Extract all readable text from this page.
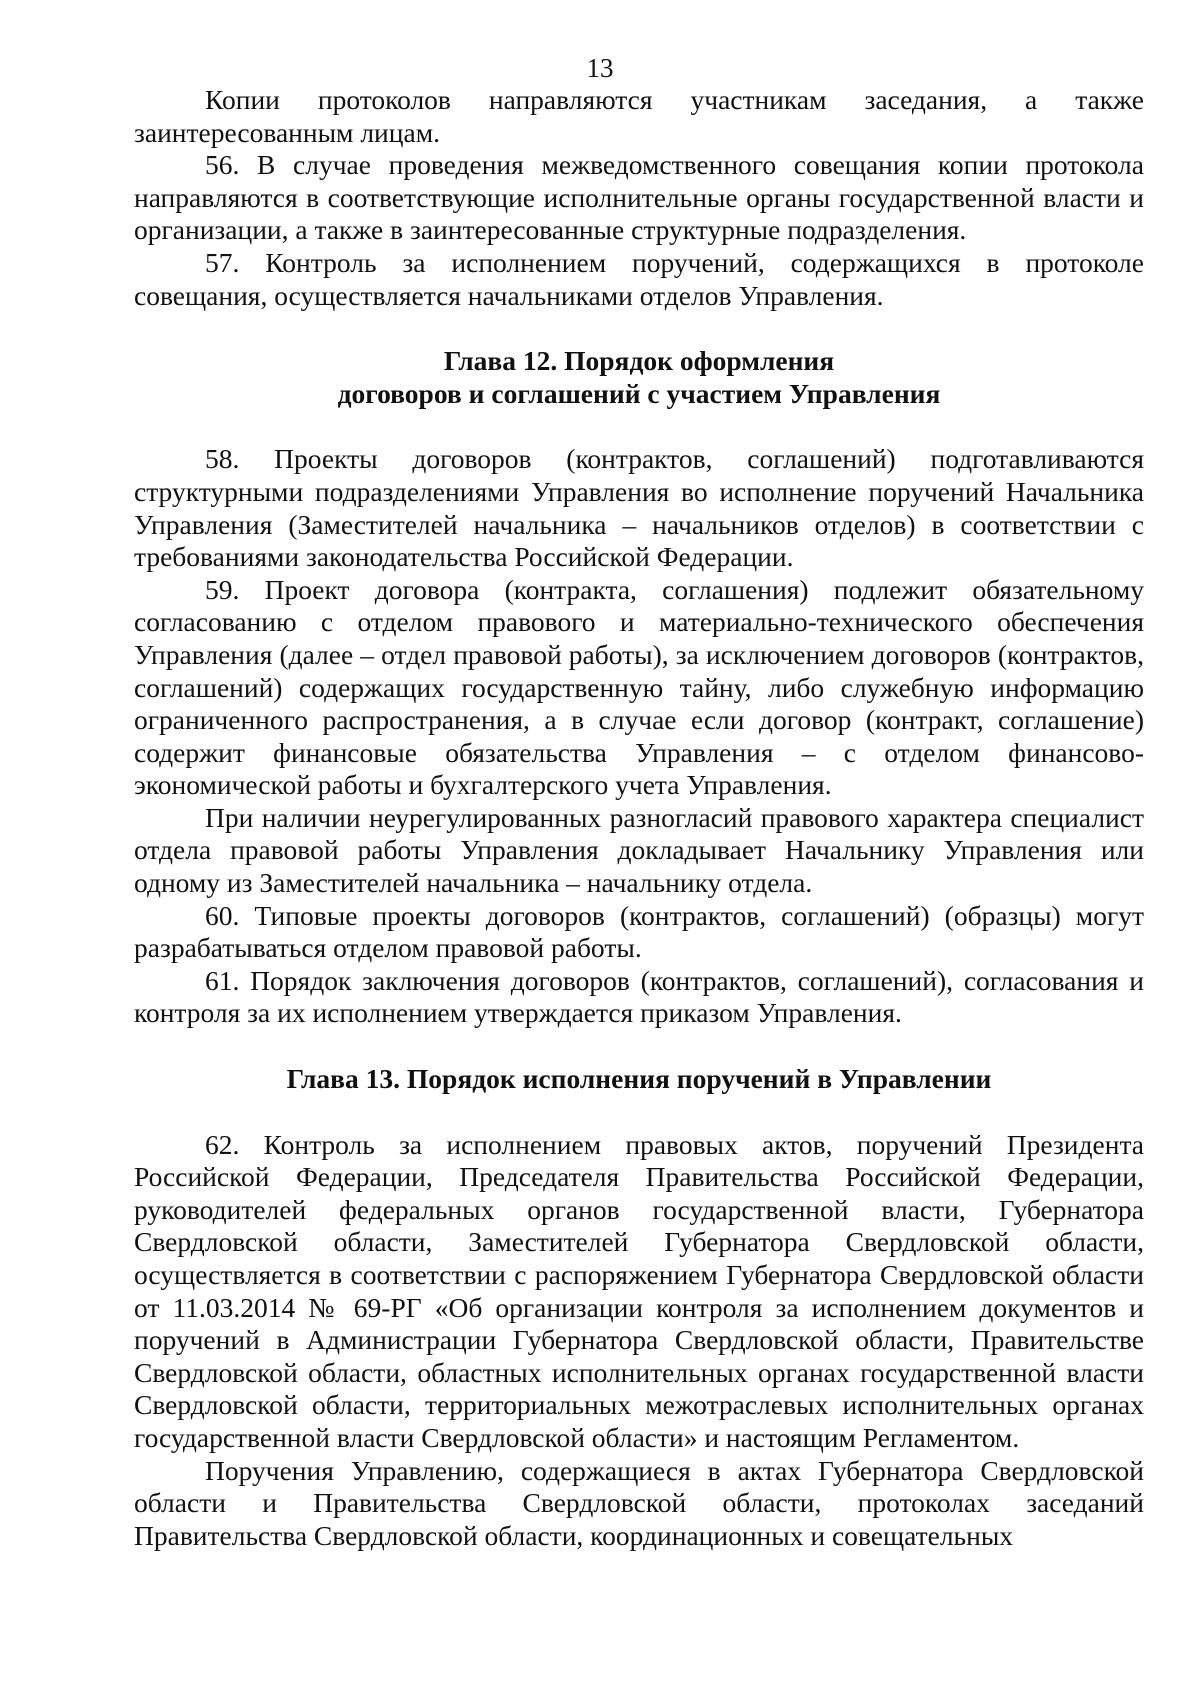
13

Копии протоколов направляются участникам заседания, а также заинтересованным лицам.

56. В случае проведения межведомственного совещания копии протокола направляются в соответствующие исполнительные органы государственной власти и организации, а также в заинтересованные структурные подразделения.

57. Контроль за исполнением поручений, содержащихся в протоколе совещания, осуществляется начальниками отделов Управления.

Глава 12. Порядок оформления
договоров и соглашений с участием Управления

58. Проекты договоров (контрактов, соглашений) подготавливаются структурными подразделениями Управления во исполнение поручений Начальника Управления (Заместителей начальника – начальников отделов) в соответствии с требованиями законодательства Российской Федерации.

59. Проект договора (контракта, соглашения) подлежит обязательному согласованию с отделом правового и материально-технического обеспечения Управления (далее – отдел правовой работы), за исключением договоров (контрактов, соглашений) содержащих государственную тайну, либо служебную информацию ограниченного распространения, а в случае если договор (контракт, соглашение) содержит финансовые обязательства Управления – с отделом финансово-экономической работы и бухгалтерского учета Управления.

При наличии неурегулированных разногласий правового характера специалист отдела правовой работы Управления докладывает Начальнику Управления или одному из Заместителей начальника – начальнику отдела.

60. Типовые проекты договоров (контрактов, соглашений) (образцы) могут разрабатываться отделом правовой работы.

61. Порядок заключения договоров (контрактов, соглашений), согласования и контроля за их исполнением утверждается приказом Управления.

Глава 13. Порядок исполнения поручений в Управлении

62. Контроль за исполнением правовых актов, поручений Президента Российской Федерации, Председателя Правительства Российской Федерации, руководителей федеральных органов государственной власти, Губернатора Свердловской области, Заместителей Губернатора Свердловской области, осуществляется в соответствии с распоряжением Губернатора Свердловской области от 11.03.2014 № 69-РГ «Об организации контроля за исполнением документов и поручений в Администрации Губернатора Свердловской области, Правительстве Свердловской области, областных исполнительных органах государственной власти Свердловской области, территориальных межотраслевых исполнительных органах государственной власти Свердловской области» и настоящим Регламентом.

Поручения Управлению, содержащиеся в актах Губернатора Свердловской области и Правительства Свердловской области, протоколах заседаний Правительства Свердловской области, координационных и совещательных
